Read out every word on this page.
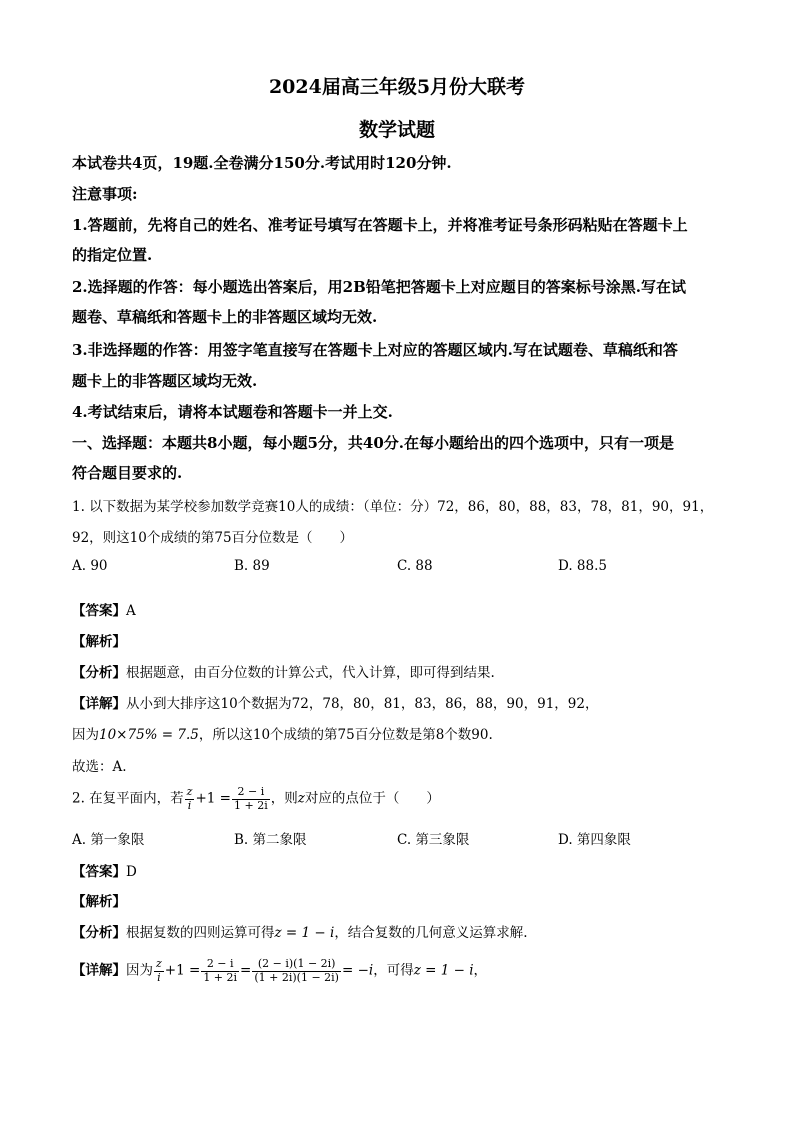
2024届高三年级5月份大联考
数学试题
本试卷共4页，19题.全卷满分150分.考试用时120分钟.
注意事项:
1.答题前，先将自己的姓名、准考证号填写在答题卡上，并将准考证号条形码粘贴在答题卡上
的指定位置.
2.选择题的作答：每小题选出答案后，用2B铅笔把答题卡上对应题目的答案标号涂黑.写在试
题卷、草稿纸和答题卡上的非答题区域均无效.
3.非选择题的作答：用签字笔直接写在答题卡上对应的答题区域内.写在试题卷、草稿纸和答
题卡上的非答题区域均无效.
4.考试结束后，请将本试题卷和答题卡一并上交.
一、选择题：本题共8小题，每小题5分，共40分.在每小题给出的四个选项中，只有一项是
符合题目要求的.
1. 以下数据为某学校参加数学竞赛10人的成绩：（单位：分）72，86，80，88，83，78，81，90，91，
92，则这10个成绩的第75百分位数是（　　）
A. 90	B. 89	C. 88	D. 88.5
【答案】A
【解析】
【分析】根据题意，由百分位数的计算公式，代入计算，即可得到结果.
【详解】从小到大排序这10个数据为72，78，80，81，83，86，88，90，91，92，
因为10×75% = 7.5，所以这10个成绩的第75百分位数是第8个数90.
故选：A.
2. 在复平面内，若 $\frac{z}{i} +1 = \frac{2 - i}{1 + 2i}$ ，则z对应的点位于（　　）
A. 第一象限	B. 第二象限	C. 第三象限	D. 第四象限
【答案】D
【解析】
【分析】根据复数的四则运算可得z = 1 − i，结合复数的几何意义运算求解.
【详解】因为 $\frac{z}{i} +1 = \frac{2 - i}{1 + 2i} = \frac{(2 - i)(1 - 2i)}{(1 + 2i)(1 - 2i)} = -i$，可得z = 1 − i，
